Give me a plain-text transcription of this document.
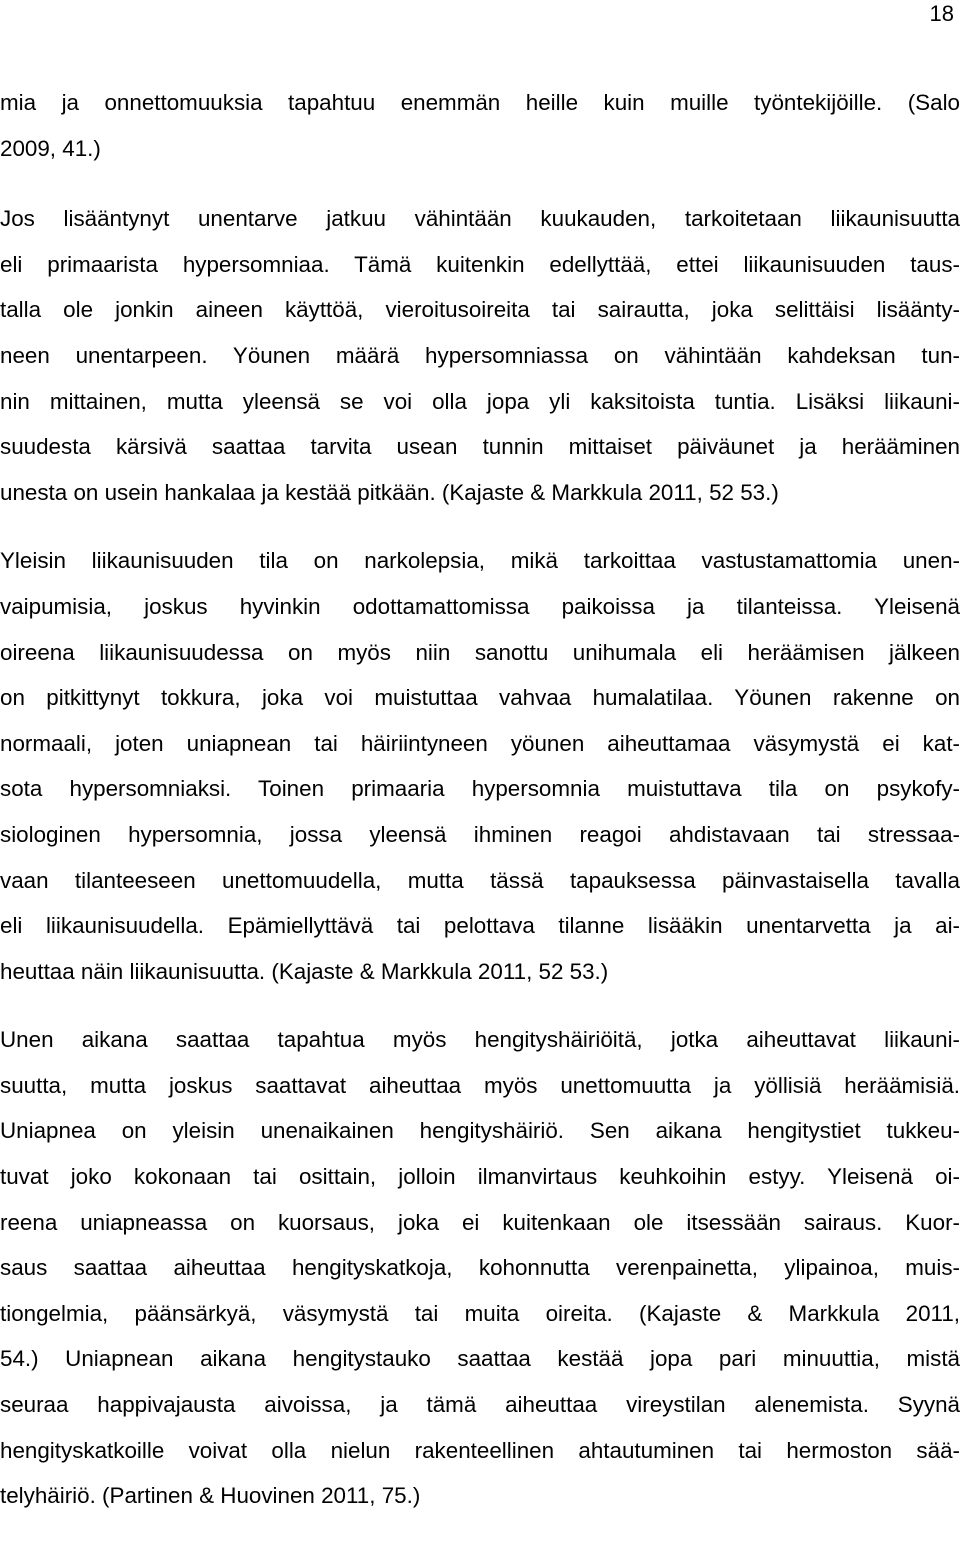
18
mia ja onnettomuuksia tapahtuu enemmän heille kuin muille työntekijöille. (Salo
2009, 41.)
Jos lisääntynyt unentarve jatkuu vähintään kuukauden, tarkoitetaan liikaunisuutta
eli primaarista hypersomniaa. Tämä kuitenkin edellyttää, ettei liikaunisuuden taus-
talla ole jonkin aineen käyttöä, vieroitusoireita tai sairautta, joka selittäisi lisäänty-
neen unentarpeen. Yöunen määrä hypersomniassa on vähintään kahdeksan tun-
nin mittainen, mutta yleensä se voi olla jopa yli kaksitoista tuntia. Lisäksi liikauni-
suudesta kärsivä saattaa tarvita usean tunnin mittaiset päiväunet ja herääminen
unesta on usein hankalaa ja kestää pitkään. (Kajaste & Markkula 2011, 52 53.)
Yleisin liikaunisuuden tila on narkolepsia, mikä tarkoittaa vastustamattomia unen-
vaipumisia, joskus hyvinkin odottamattomissa paikoissa ja tilanteissa. Yleisenä
oireena liikaunisuudessa on myös niin sanottu unihumala eli heräämisen jälkeen
on pitkittynyt tokkura, joka voi muistuttaa vahvaa humalatilaa. Yöunen rakenne on
normaali, joten uniapnean tai häiriintyneen yöunen aiheuttamaa väsymystä ei kat-
sota hypersomniaksi. Toinen primaaria hypersomnia muistuttava tila on psykofy-
siologinen hypersomnia, jossa yleensä ihminen reagoi ahdistavaan tai stressaa-
vaan tilanteeseen unettomuudella, mutta tässä tapauksessa päinvastaisella tavalla
eli liikaunisuudella. Epämiellyttävä tai pelottava tilanne lisääkin unentarvetta ja ai-
heuttaa näin liikaunisuutta. (Kajaste & Markkula 2011, 52 53.)
Unen aikana saattaa tapahtua myös hengityshäiriöitä, jotka aiheuttavat liikauni-
suutta, mutta joskus saattavat aiheuttaa myös unettomuutta ja yöllisiä heräämisiä.
Uniapnea on yleisin unenaikainen hengityshäiriö. Sen aikana hengitystiet tukkeu-
tuvat joko kokonaan tai osittain, jolloin ilmanvirtaus keuhkoihin estyy. Yleisenä oi-
reena uniapneassa on kuorsaus, joka ei kuitenkaan ole itsessään sairaus. Kuor-
saus saattaa aiheuttaa hengityskatkoja, kohonnutta verenpainetta, ylipainoa, muis-
tiongelmia, päänsärkyä, väsymystä tai muita oireita. (Kajaste & Markkula 2011,
54.) Uniapnean aikana hengitystauko saattaa kestää jopa pari minuuttia, mistä
seuraa happivajausta aivoissa, ja tämä aiheuttaa vireystilan alenemista. Syynä
hengityskatkoille voivat olla nielun rakenteellinen ahtautuminen tai hermoston sää-
telyhäiriö. (Partinen & Huovinen 2011, 75.)
